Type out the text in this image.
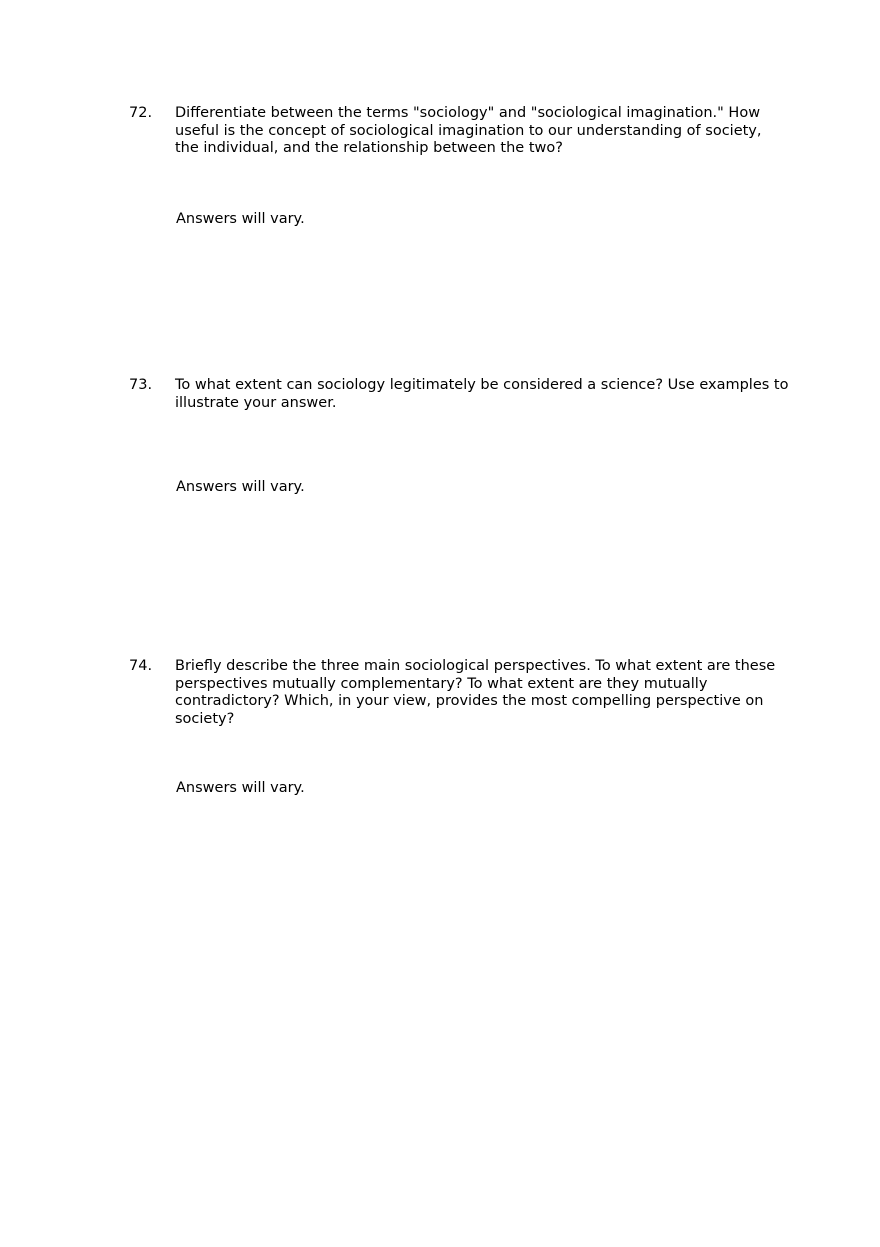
72. Differentiate between the terms "sociology" and "sociological imagination." How useful is the concept of sociological imagination to our understanding of society, the individual, and the relationship between the two?
Answers will vary.
73. To what extent can sociology legitimately be considered a science? Use examples to illustrate your answer.
Answers will vary.
74. Briefly describe the three main sociological perspectives. To what extent are these perspectives mutually complementary? To what extent are they mutually contradictory? Which, in your view, provides the most compelling perspective on society?
Answers will vary.
